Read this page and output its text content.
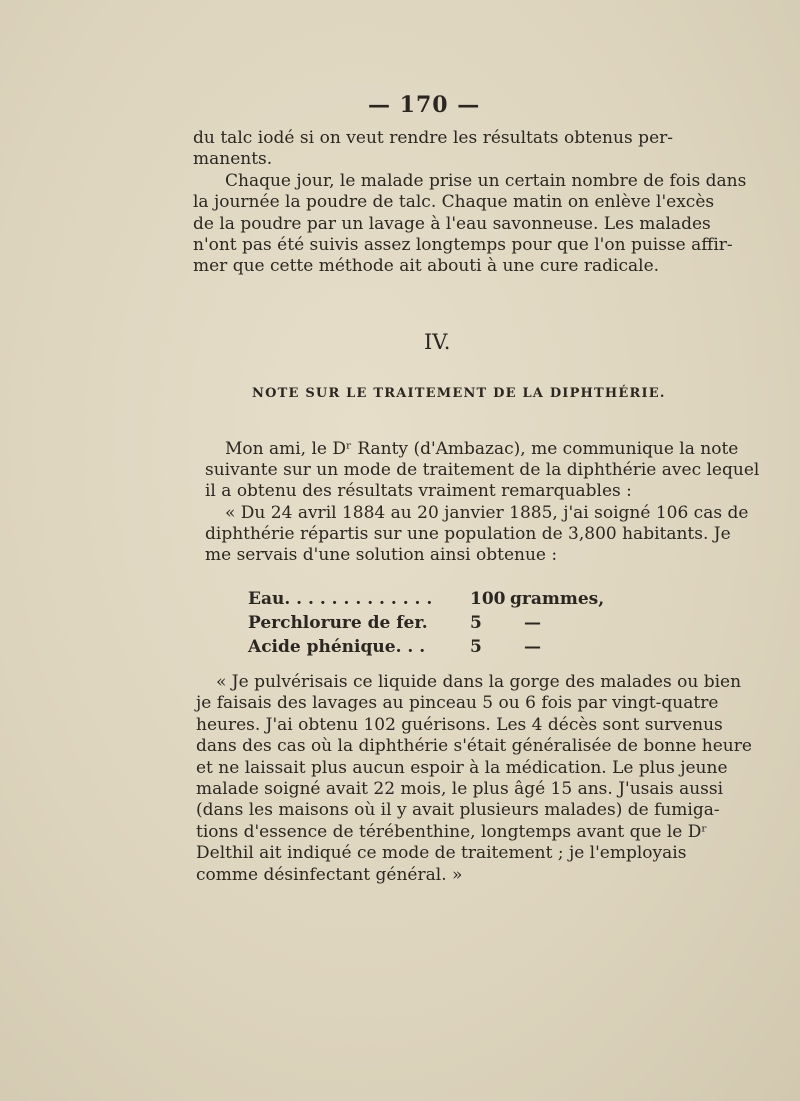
— 170 —
du talc iodé si on veut rendre les résultats obtenus per-
manents.
Chaque jour, le malade prise un certain nombre de fois dans
la journée la poudre de talc. Chaque matin on enlève l'excès
de la poudre par un lavage à l'eau savonneuse. Les malades
n'ont pas été suivis assez longtemps pour que l'on puisse affir-
mer que cette méthode ait abouti à une cure radicale.
IV.
NOTE SUR LE TRAITEMENT DE LA DIPHTHÉRIE.
Mon ami, le Dʳ Ranty (d'Ambazac), me communique la note
suivante sur un mode de traitement de la diphthérie avec lequel
il a obtenu des résultats vraiment remarquables :
« Du 24 avril 1884 au 20 janvier 1885, j'ai soigné 106 cas de
diphthérie répartis sur une population de 3,800 habitants. Je
me servais d'une solution ainsi obtenue :
Eau. . . . . . . . . . . . . 100 grammes,
Perchlorure de fer. 5 —
Acide phénique. . .	5 —
« Je pulvérisais ce liquide dans la gorge des malades ou bien
je faisais des lavages au pinceau 5 ou 6 fois par vingt-quatre
heures. J'ai obtenu 102 guérisons. Les 4 décès sont survenus
dans des cas où la diphthérie s'était généralisée de bonne heure
et ne laissait plus aucun espoir à la médication. Le plus jeune
malade soigné avait 22 mois, le plus âgé 15 ans. J'usais aussi
(dans les maisons où il y avait plusieurs malades) de fumiga-
tions d'essence de térébenthine, longtemps avant que le Dʳ
Delthil ait indiqué ce mode de traitement ; je l'employais
comme désinfectant général. »
